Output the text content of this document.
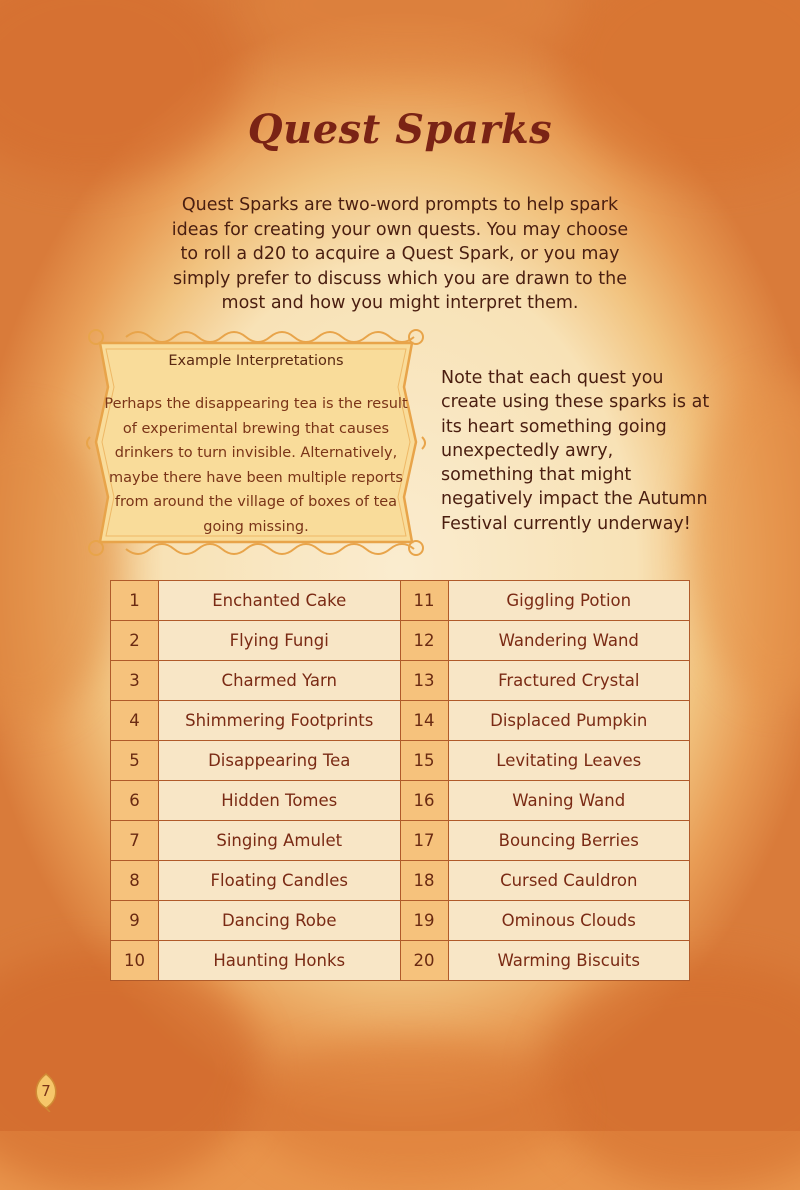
Quest Sparks
Quest Sparks are two-word prompts to help spark ideas for creating your own quests. You may choose to roll a d20 to acquire a Quest Spark, or you may simply prefer to discuss which you are drawn to the most and how you might interpret them.
Example Interpretations
Perhaps the disappearing tea is the result of experimental brewing that causes drinkers to turn invisible. Alternatively, maybe there have been multiple reports from around the village of boxes of tea going missing.
Note that each quest you create using these sparks is at its heart something going unexpectedly awry, something that might negatively impact the Autumn Festival currently underway!
1	Enchanted Cake	11	Giggling Potion
2	Flying Fungi	12	Wandering Wand
3	Charmed Yarn	13	Fractured Crystal
4	Shimmering Footprints	14	Displaced Pumpkin
5	Disappearing Tea	15	Levitating Leaves
6	Hidden Tomes	16	Waning Wand
7	Singing Amulet	17	Bouncing Berries
8	Floating Candles	18	Cursed Cauldron
9	Dancing Robe	19	Ominous Clouds
10	Haunting Honks	20	Warming Biscuits
7
